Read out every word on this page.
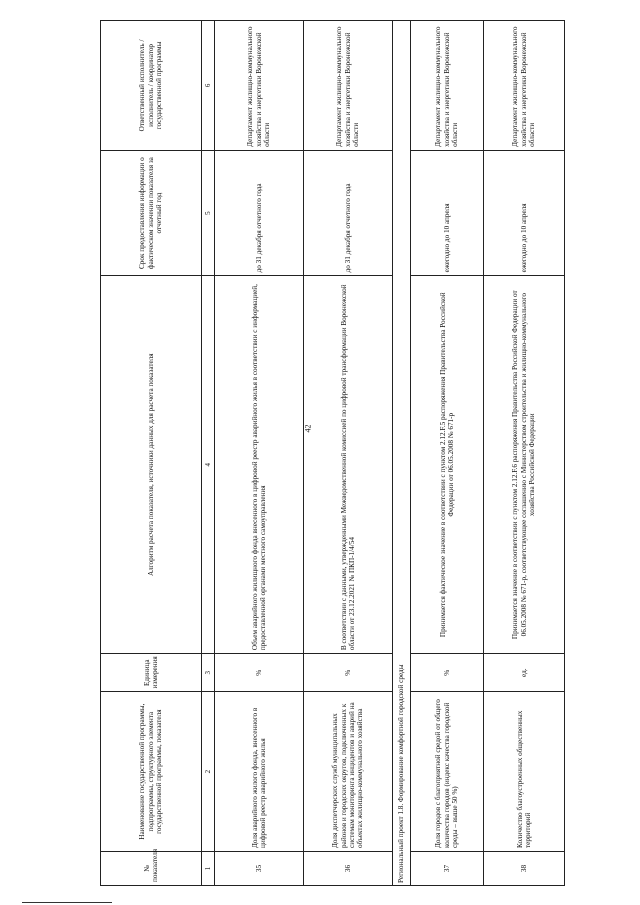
42
№ показателя	Наименование государственной программы, подпрограммы, структурного элемента государственной программы, показателя	Единица измерения	Алгоритм расчета показателя, источники данных для расчета показателя	Срок предоставления информации о фактическом значении показателя за отчетный год	Ответственный исполнитель / исполнитель / координатор государственной программы
1	2	3	4	5	6
35	Доля аварийного жилого фонда, внесенного в цифровой реестр аварийного жилья	%	Объем аварийного жилищного фонда внесенного в цифровой реестр аварийного жилья в соответствии с информацией, предоставленной органами местного самоуправления	до 31 декабря отчетного года	Департамент жилищно-коммунального хозяйства и энергетики Воронежской области
36	Доля диспетчерских служб муниципальных районов и городских округов, подключенных к системам мониторинга инцидентов и аварий на объектах жилищно-коммунального хозяйства	%	В соответствии с данными, утвержденными Межведомственной комиссией по цифровой трансформации Воронежской области от 23.12.2021 № ПКП-1/4/54	до 31 декабря отчетного года	Департамент жилищно-коммунального хозяйства и энергетики Воронежской области
Региональный проект 1.8. Формирование комфортной городской среды					
37	Доля городов с благоприятной средой от общего количества городов (индекс качества городской среды – выше 50 %)	%	Принимается фактическое значение в соответствии с пунктом 2.12.F.5 распоряжения Правительства Российской Федерации от 06.05.2008 № 671-р	ежегодно до 10 апреля	Департамент жилищно-коммунального хозяйства и энергетики Воронежской области
38	Количество благоустроенных общественных территорий	ед.	Принимается значение в соответствии с пунктом 2.12.F.6 распоряжения Правительства Российской Федерации от 06.05.2008 № 671-р, соответствующее соглашению с Министерством строительства и жилищно-коммунального хозяйства Российской Федерации	ежегодно до 10 апреля	Департамент жилищно-коммунального хозяйства и энергетики Воронежской области
